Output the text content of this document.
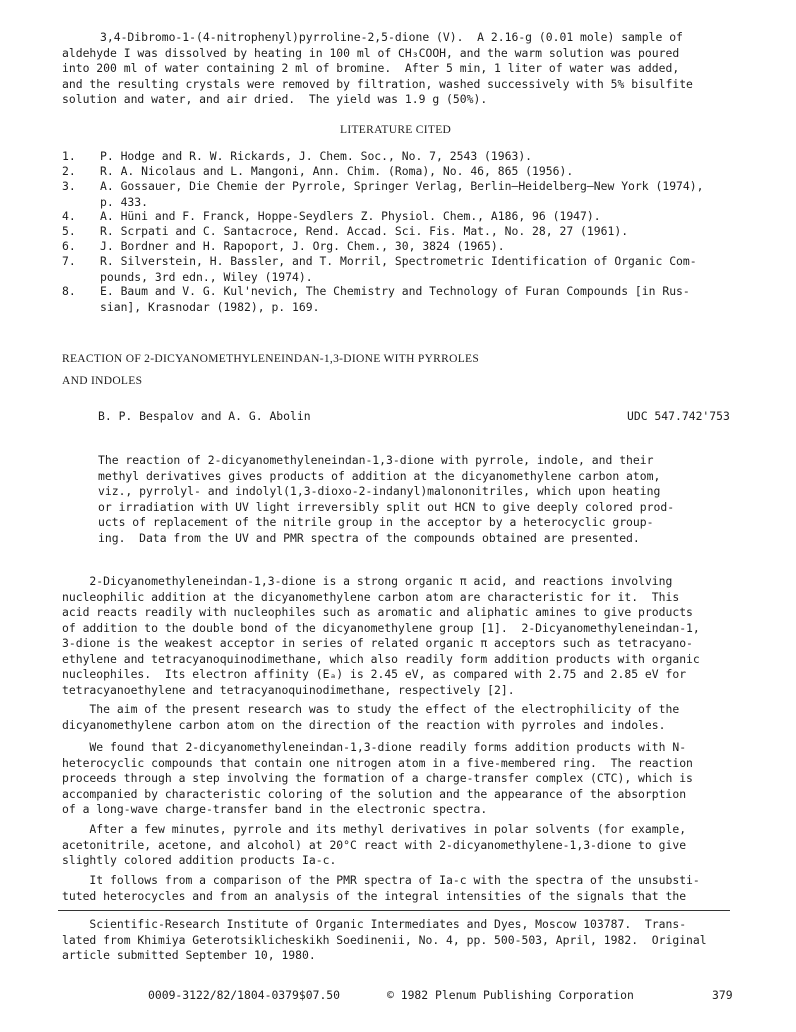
3,4-Dibromo-1-(4-nitrophenyl)pyrroline-2,5-dione (V).  A 2.16-g (0.01 mole) sample of
aldehyde I was dissolved by heating in 100 ml of CH₃COOH, and the warm solution was poured
into 200 ml of water containing 2 ml of bromine.  After 5 min, 1 liter of water was added,
and the resulting crystals were removed by filtration, washed successively with 5% bisulfite
solution and water, and air dried.  The yield was 1.9 g (50%).
LITERATURE CITED
1. P. Hodge and R. W. Rickards, J. Chem. Soc., No. 7, 2543 (1963).
2. R. A. Nicolaus and L. Mangoni, Ann. Chim. (Roma), No. 46, 865 (1956).
3. A. Gossauer, Die Chemie der Pyrrole, Springer Verlag, Berlin—Heidelberg—New York (1974),
p. 433.
4. A. Hüni and F. Franck, Hoppe-Seydlers Z. Physiol. Chem., A186, 96 (1947).
5. R. Scrpati and C. Santacroce, Rend. Accad. Sci. Fis. Mat., No. 28, 27 (1961).
6. J. Bordner and H. Rapoport, J. Org. Chem., 30, 3824 (1965).
7. R. Silverstein, H. Bassler, and T. Morril, Spectrometric Identification of Organic Com-
pounds, 3rd edn., Wiley (1974).
8. E. Baum and V. G. Kul'nevich, The Chemistry and Technology of Furan Compounds [in Rus-
sian], Krasnodar (1982), p. 169.
REACTION OF 2-DICYANOMETHYLENEINDAN-1,3-DIONE WITH PYRROLES
AND INDOLES
B. P. Bespalov and A. G. Abolin	UDC 547.742'753
The reaction of 2-dicyanomethyleneindan-1,3-dione with pyrrole, indole, and their
methyl derivatives gives products of addition at the dicyanomethylene carbon atom,
viz., pyrrolyl- and indolyl(1,3-dioxo-2-indanyl)malononitriles, which upon heating
or irradiation with UV light irreversibly split out HCN to give deeply colored prod-
ucts of replacement of the nitrile group in the acceptor by a heterocyclic group-
ing.  Data from the UV and PMR spectra of the compounds obtained are presented.
2-Dicyanomethyleneindan-1,3-dione is a strong organic π acid, and reactions involving
nucleophilic addition at the dicyanomethylene carbon atom are characteristic for it.  This
acid reacts readily with nucleophiles such as aromatic and aliphatic amines to give products
of addition to the double bond of the dicyanomethylene group [1].  2-Dicyanomethyleneindan-1,
3-dione is the weakest acceptor in series of related organic π acceptors such as tetracyano-
ethylene and tetracyanoquinodimethane, which also readily form addition products with organic
nucleophiles.  Its electron affinity (Eₐ) is 2.45 eV, as compared with 2.75 and 2.85 eV for
tetracyanoethylene and tetracyanoquinodimethane, respectively [2].
The aim of the present research was to study the effect of the electrophilicity of the
dicyanomethylene carbon atom on the direction of the reaction with pyrroles and indoles.
We found that 2-dicyanomethyleneindan-1,3-dione readily forms addition products with N-
heterocyclic compounds that contain one nitrogen atom in a five-membered ring.  The reaction
proceeds through a step involving the formation of a charge-transfer complex (CTC), which is
accompanied by characteristic coloring of the solution and the appearance of the absorption
of a long-wave charge-transfer band in the electronic spectra.
After a few minutes, pyrrole and its methyl derivatives in polar solvents (for example,
acetonitrile, acetone, and alcohol) at 20°C react with 2-dicyanomethylene-1,3-dione to give
slightly colored addition products Ia-c.
It follows from a comparison of the PMR spectra of Ia-c with the spectra of the unsubsti-
tuted heterocycles and from an analysis of the integral intensities of the signals that the
Scientific-Research Institute of Organic Intermediates and Dyes, Moscow 103787.  Trans-
lated from Khimiya Geterotsiklicheskikh Soedinenii, No. 4, pp. 500-503, April, 1982.  Original
article submitted September 10, 1980.
0009-3122/82/1804-0379$07.50	© 1982 Plenum Publishing Corporation	379
